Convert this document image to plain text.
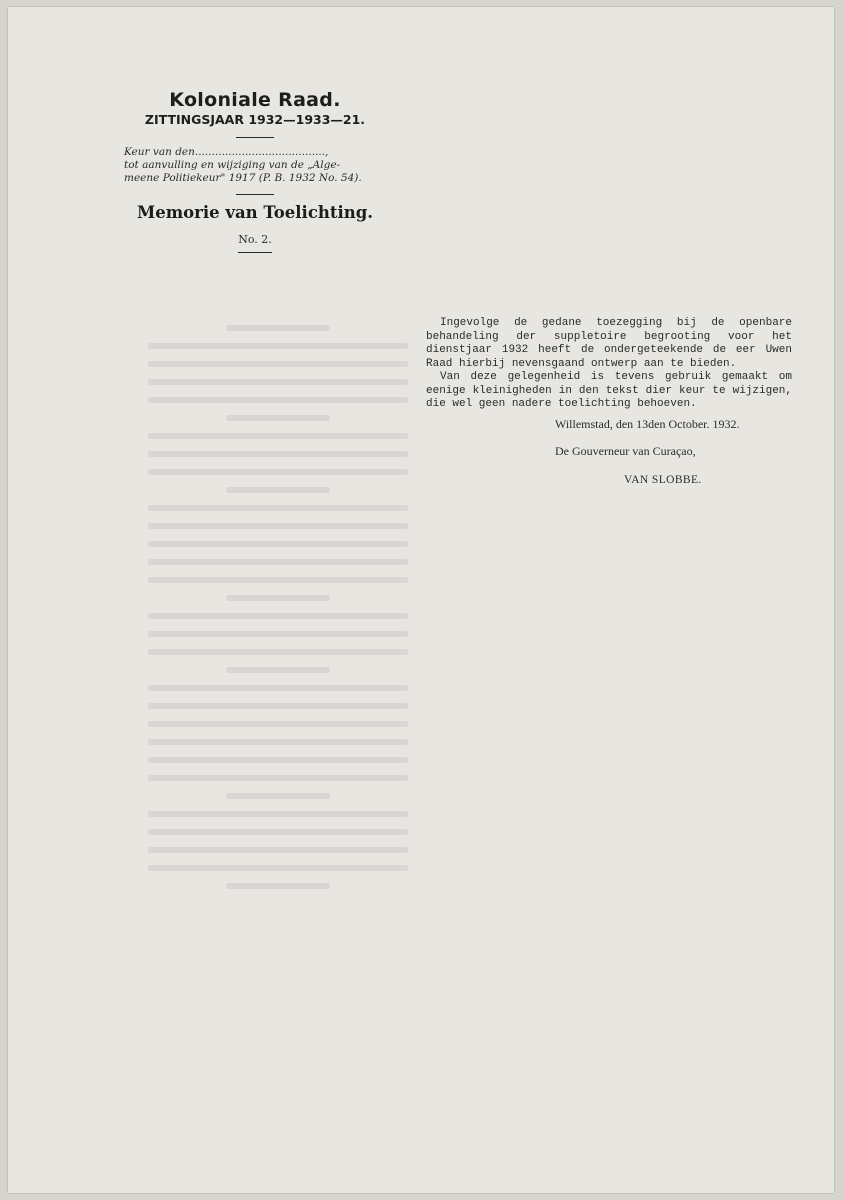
Koloniale Raad.
ZITTINGSJAAR 1932—1933—21.
Keur van den.......................................,
tot aanvulling en wijziging van de „Alge-
meene Politiekeur" 1917 (P. B. 1932 No. 54).
Memorie van Toelichting.
No. 2.

Ingevolge de gedane toezegging bij de openbare behandeling der suppletoire begrooting voor het dienstjaar 1932 heeft de ondergeteekende de eer Uwen Raad hierbij nevensgaand ontwerp aan te bieden.

Van deze gelegenheid is tevens gebruik gemaakt om eenige kleinigheden in den tekst dier keur te wijzigen, die wel geen nadere toelichting behoeven.

Willemstad, den 13den October. 1932.
De Gouverneur van Curaçao,
VAN SLOBBE.
